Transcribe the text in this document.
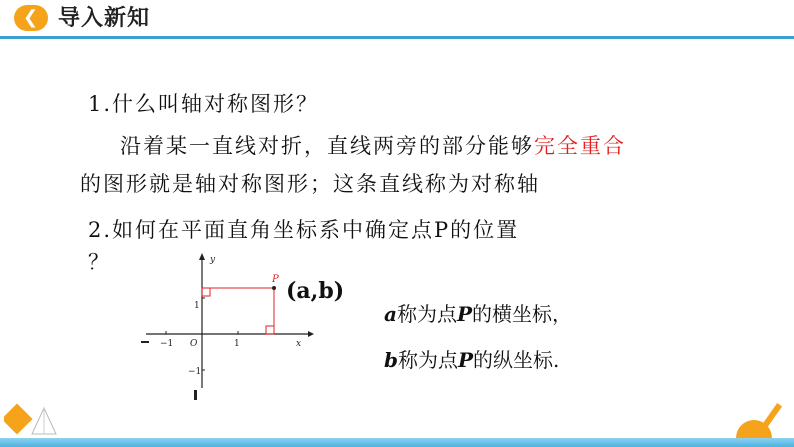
❮ 导入新知
1.什么叫轴对称图形？
沿着某一直线对折，直线两旁的部分能够完全重合
的图形就是轴对称图形；这条直线称为对称轴
2.如何在平面直角坐标系中确定点P的位置
？	y
x
O
−1	1
1
−1
P (a,b)
a称为点P的横坐标，
b称为点P的纵坐标.
